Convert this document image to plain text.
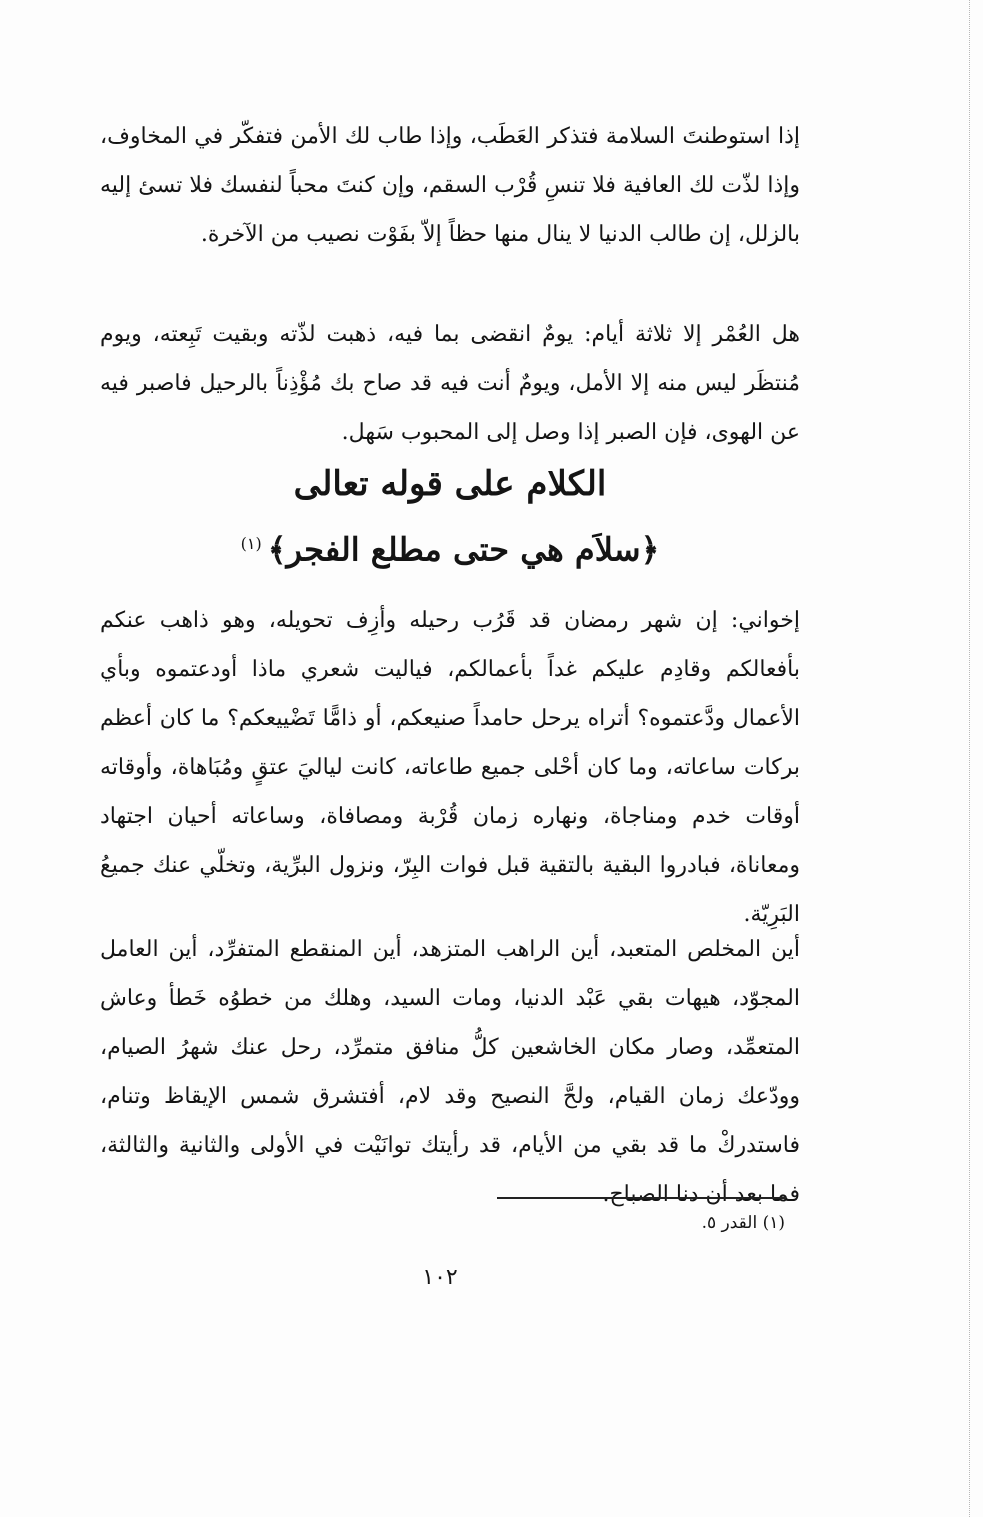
إذا استوطنتَ السلامة فتذكر العَطَب، وإذا طاب لك الأمن فتفكّر في المخاوف، وإذا لذّت لك العافية فلا تنسِ قُرْب السقم، وإن كنتَ محباً لنفسك فلا تسئ إليه بالزلل، إن طالب الدنيا لا ينال منها حظاً إلاّ بفَوْت نصيب من الآخرة.
هل العُمْر إلا ثلاثة أيام: يومٌ انقضى بما فيه، ذهبت لذّته وبقيت تَبِعته، ويوم مُنتظَر ليس منه إلا الأمل، ويومٌ أنت فيه قد صاح بك مُؤْذِناً بالرحيل فاصبر فيه عن الهوى، فإن الصبر إذا وصل إلى المحبوب سَهل.
الكلام على قوله تعالى
﴿سلاَم هي حتى مطلع الفجر﴾$^{(١)}$
إخواني: إن شهر رمضان قد قَرُب رحيله وأزِف تحويله، وهو ذاهب عنكم بأفعالكم وقادِم عليكم غداً بأعمالكم، فياليت شعري ماذا أودعتموه وبأي الأعمال ودَّعتموه؟ أتراه يرحل حامداً صنيعكم، أو ذامًّا تَضْييعكم؟ ما كان أعظم بركات ساعاته، وما كان أحْلى جميع طاعاته، كانت لياليَ عتقٍ ومُبَاهاة، وأوقاته أوقات خدم ومناجاة، ونهاره زمان قُرْبة ومصافاة، وساعاته أحيان اجتهاد ومعاناة، فبادروا البقية بالتقية قبل فوات البِرّ، ونزول البرِّية، وتخلّي عنك جميعُ البَرِيّة.
أين المخلص المتعبد، أين الراهب المتزهد، أين المنقطع المتفرِّد، أين العامل المجوّد، هيهات بقي عَبْد الدنيا، ومات السيد، وهلك من خطوُه خَطأ وعاش المتعمِّد، وصار مكان الخاشعين كلُّ منافق متمرِّد، رحل عنك شهرُ الصيام، وودّعك زمان القيام، ولحَّ النصيح وقد لام، أفتشرق شمس الإيقاظ وتنام، فاستدركْ ما قد بقي من الأيام، قد رأيتك توانَيْت في الأولى والثانية والثالثة، فما بعد أن دنا الصباح.
(١) القدر ٥.
١٠٢
